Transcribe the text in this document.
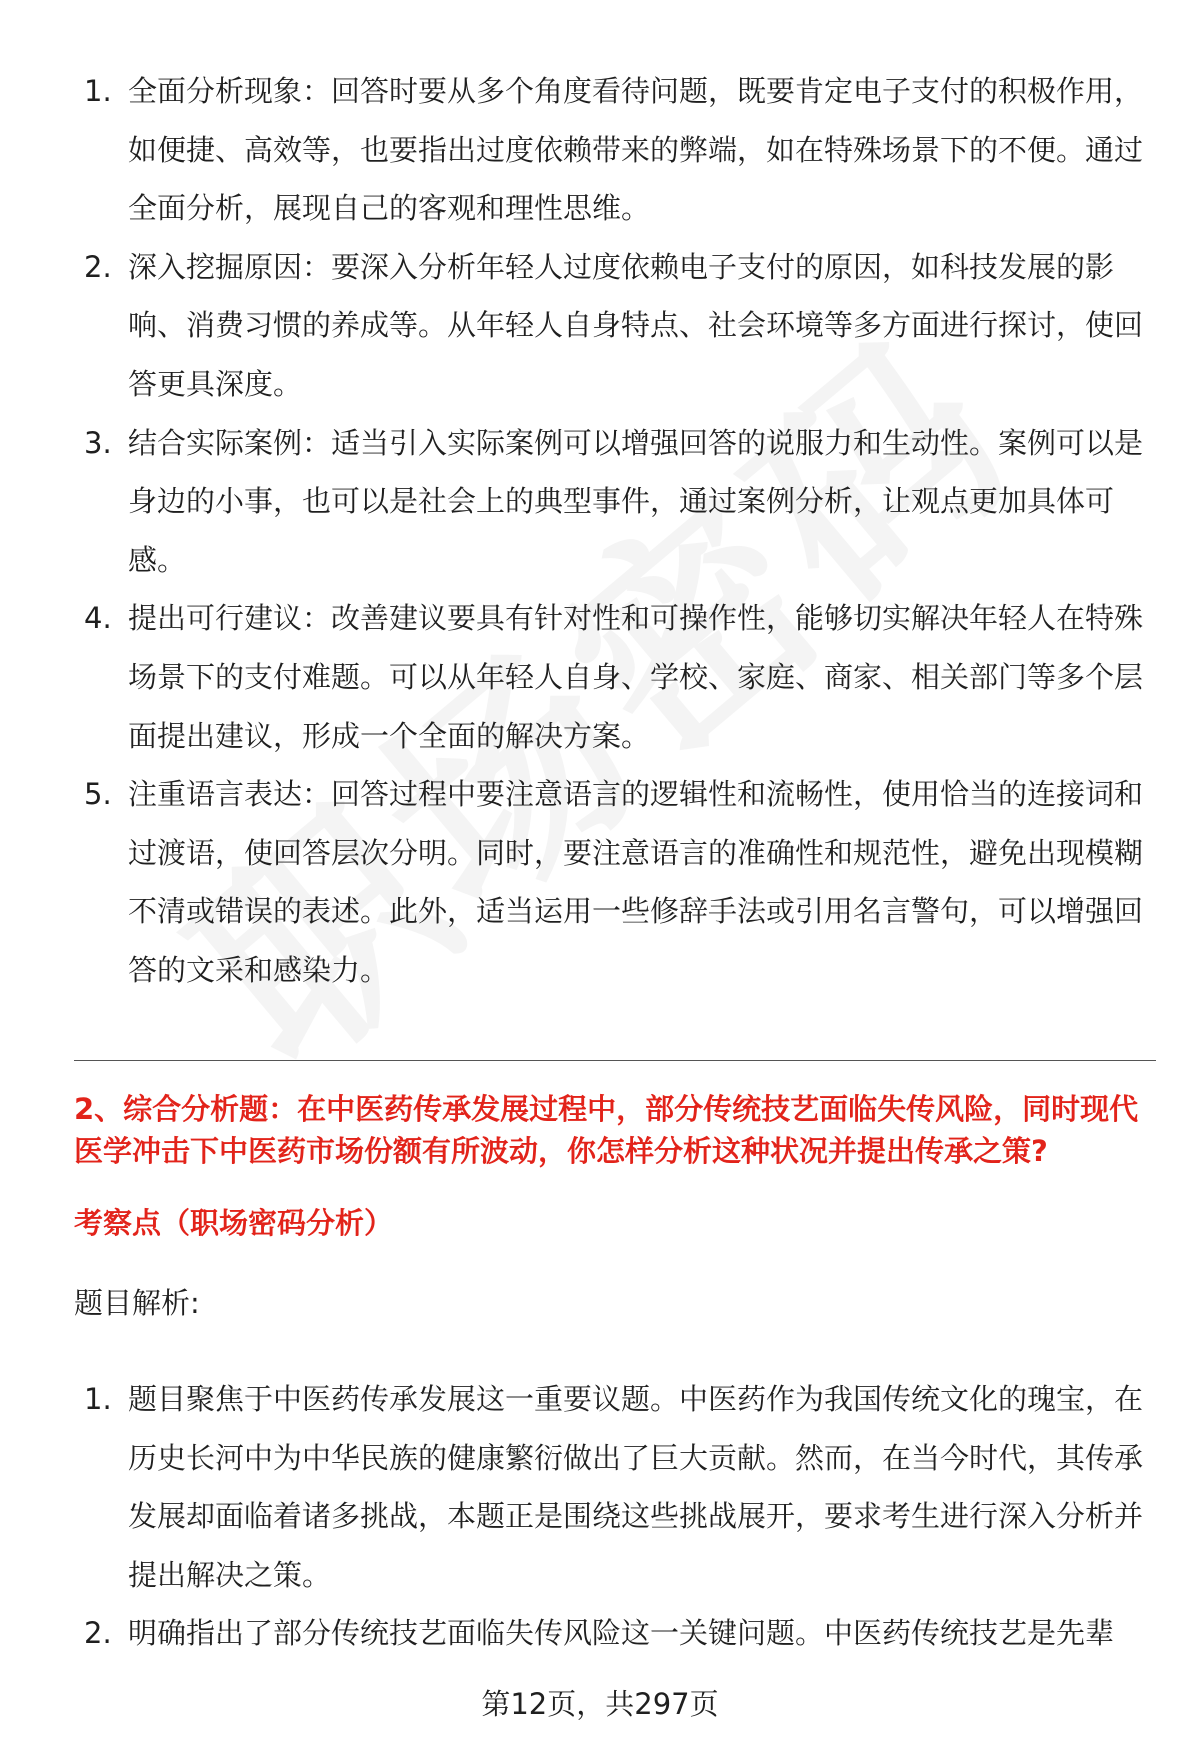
1. 全面分析现象：回答时要从多个角度看待问题，既要肯定电子支付的积极作用，如便捷、高效等，也要指出过度依赖带来的弊端，如在特殊场景下的不便。通过全面分析，展现自己的客观和理性思维。
2. 深入挖掘原因：要深入分析年轻人过度依赖电子支付的原因，如科技发展的影响、消费习惯的养成等。从年轻人自身特点、社会环境等多方面进行探讨，使回答更具深度。
3. 结合实际案例：适当引入实际案例可以增强回答的说服力和生动性。案例可以是身边的小事，也可以是社会上的典型事件，通过案例分析，让观点更加具体可感。
4. 提出可行建议：改善建议要具有针对性和可操作性，能够切实解决年轻人在特殊场景下的支付难题。可以从年轻人自身、学校、家庭、商家、相关部门等多个层面提出建议，形成一个全面的解决方案。
5. 注重语言表达：回答过程中要注意语言的逻辑性和流畅性，使用恰当的连接词和过渡语，使回答层次分明。同时，要注意语言的准确性和规范性，避免出现模糊不清或错误的表述。此外，适当运用一些修辞手法或引用名言警句，可以增强回答的文采和感染力。
2、综合分析题：在中医药传承发展过程中，部分传统技艺面临失传风险，同时现代医学冲击下中医药市场份额有所波动，你怎样分析这种状况并提出传承之策?
考察点（职场密码分析）
题目解析:
1. 题目聚焦于中医药传承发展这一重要议题。中医药作为我国传统文化的瑰宝，在历史长河中为中华民族的健康繁衍做出了巨大贡献。然而，在当今时代，其传承发展却面临着诸多挑战，本题正是围绕这些挑战展开，要求考生进行深入分析并提出解决之策。
2. 明确指出了部分传统技艺面临失传风险这一关键问题。中医药传统技艺是先辈
第12页，共297页
